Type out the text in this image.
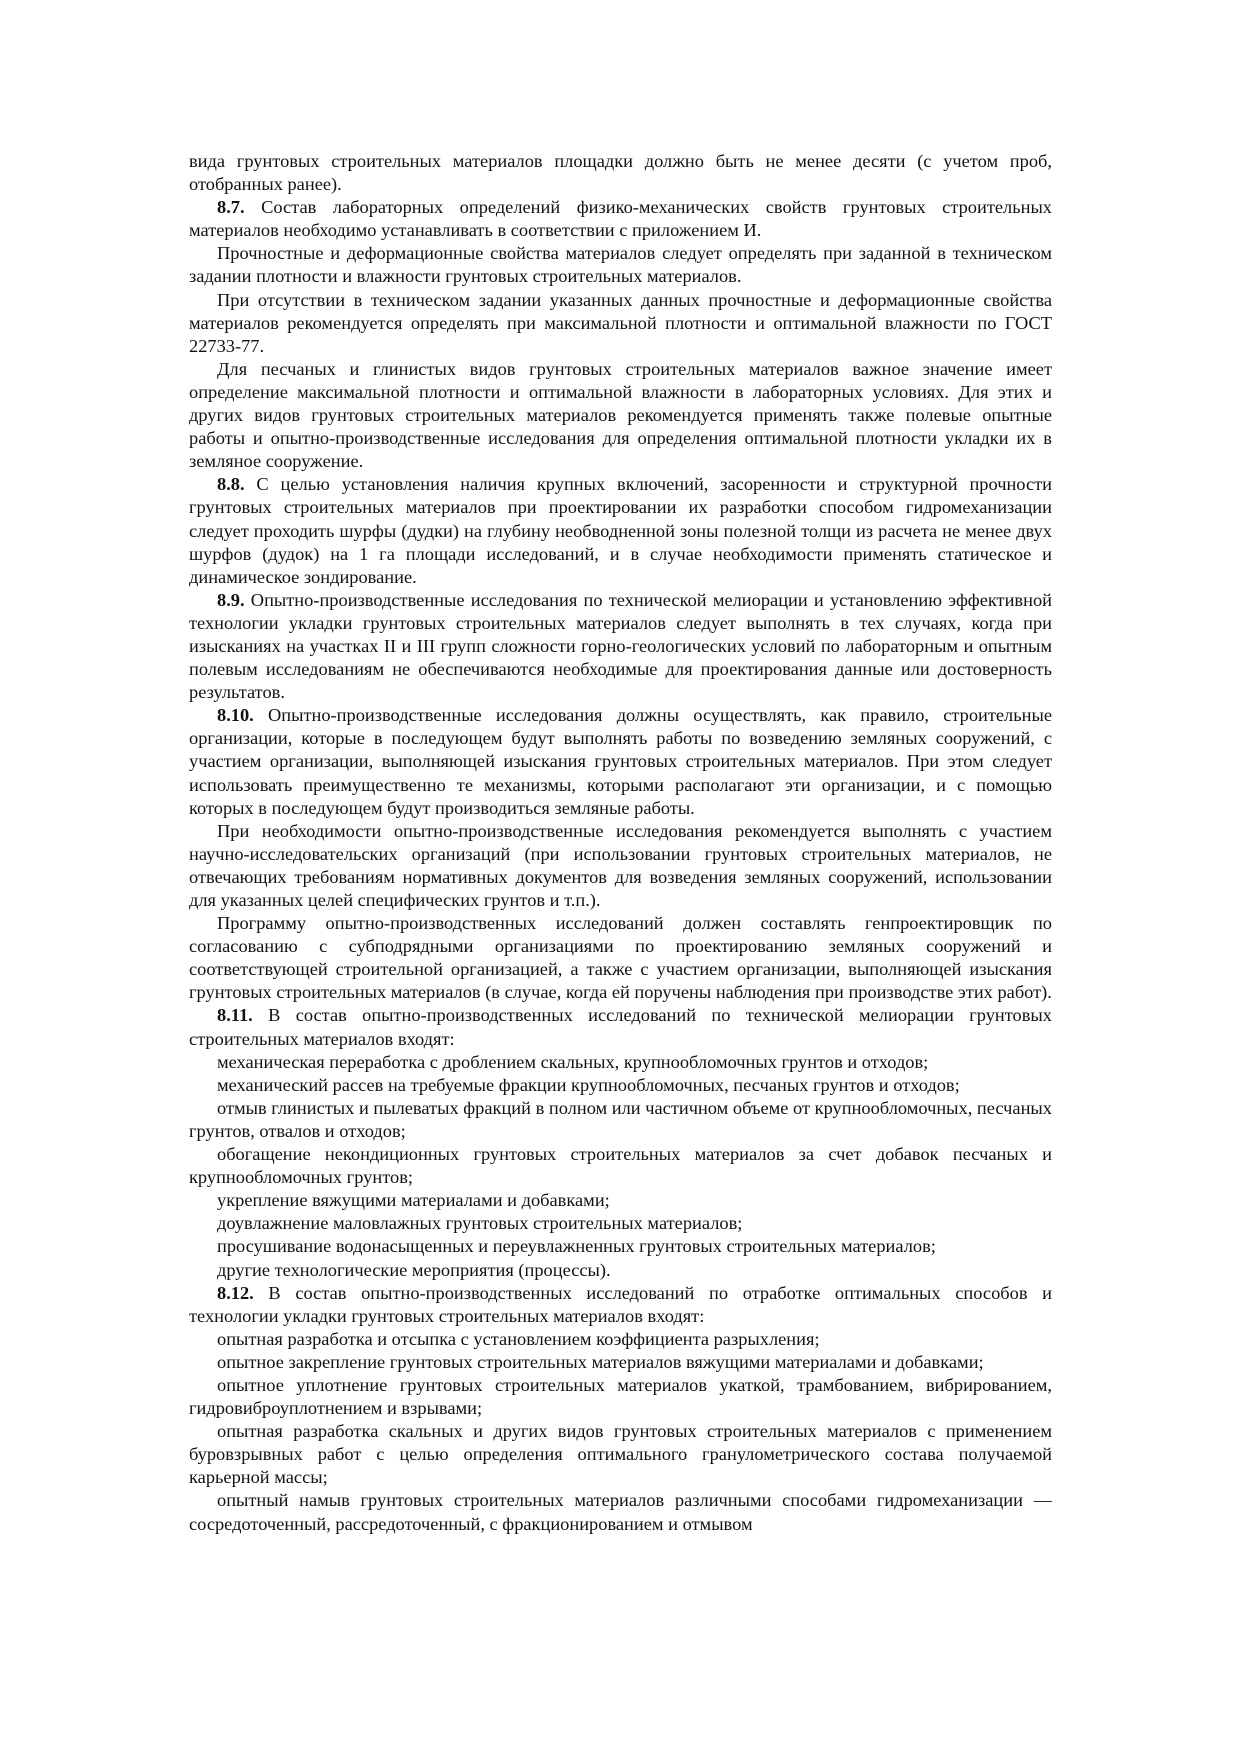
вида грунтовых строительных материалов площадки должно быть не менее десяти (с учетом проб, отобранных ранее).

8.7. Состав лабораторных определений физико-механических свойств грунтовых строительных материалов необходимо устанавливать в соответствии с приложением И.

Прочностные и деформационные свойства материалов следует определять при заданной в техническом задании плотности и влажности грунтовых строительных материалов.

При отсутствии в техническом задании указанных данных прочностные и деформационные свойства материалов рекомендуется определять при максимальной плотности и оптимальной влажности по ГОСТ 22733-77.

Для песчаных и глинистых видов грунтовых строительных материалов важное значение имеет определение максимальной плотности и оптимальной влажности в лабораторных условиях. Для этих и других видов грунтовых строительных материалов рекомендуется применять также полевые опытные работы и опытно-производственные исследования для определения оптимальной плотности укладки их в земляное сооружение.

8.8. С целью установления наличия крупных включений, засоренности и структурной прочности грунтовых строительных материалов при проектировании их разработки способом гидромеханизации следует проходить шурфы (дудки) на глубину необводненной зоны полезной толщи из расчета не менее двух шурфов (дудок) на 1 га площади исследований, и в случае необходимости применять статическое и динамическое зондирование.

8.9. Опытно-производственные исследования по технической мелиорации и установлению эффективной технологии укладки грунтовых строительных материалов следует выполнять в тех случаях, когда при изысканиях на участках II и III групп сложности горно-геологических условий по лабораторным и опытным полевым исследованиям не обеспечиваются необходимые для проектирования данные или достоверность результатов.

8.10. Опытно-производственные исследования должны осуществлять, как правило, строительные организации, которые в последующем будут выполнять работы по возведению земляных сооружений, с участием организации, выполняющей изыскания грунтовых строительных материалов. При этом следует использовать преимущественно те механизмы, которыми располагают эти организации, и с помощью которых в последующем будут производиться земляные работы.

При необходимости опытно-производственные исследования рекомендуется выполнять с участием научно-исследовательских организаций (при использовании грунтовых строительных материалов, не отвечающих требованиям нормативных документов для возведения земляных сооружений, использовании для указанных целей специфических грунтов и т.п.).

Программу опытно-производственных исследований должен составлять генпроектировщик по согласованию с субподрядными организациями по проектированию земляных сооружений и соответствующей строительной организацией, а также с участием организации, выполняющей изыскания грунтовых строительных материалов (в случае, когда ей поручены наблюдения при производстве этих работ).

8.11. В состав опытно-производственных исследований по технической мелиорации грунтовых строительных материалов входят:

механическая переработка с дроблением скальных, крупнообломочных грунтов и отходов;

механический рассев на требуемые фракции крупнообломочных, песчаных грунтов и отходов;

отмыв глинистых и пылеватых фракций в полном или частичном объеме от крупнообломочных, песчаных грунтов, отвалов и отходов;

обогащение некондиционных грунтовых строительных материалов за счет добавок песчаных и крупнообломочных грунтов;

укрепление вяжущими материалами и добавками;

доувлажнение маловлажных грунтовых строительных материалов;

просушивание водонасыщенных и переувлажненных грунтовых строительных материалов;

другие технологические мероприятия (процессы).

8.12. В состав опытно-производственных исследований по отработке оптимальных способов и технологии укладки грунтовых строительных материалов входят:

опытная разработка и отсыпка с установлением коэффициента разрыхления;

опытное закрепление грунтовых строительных материалов вяжущими материалами и добавками;

опытное уплотнение грунтовых строительных материалов укаткой, трамбованием, вибрированием, гидровиброуплотнением и взрывами;

опытная разработка скальных и других видов грунтовых строительных материалов с применением буровзрывных работ с целью определения оптимального гранулометрического состава получаемой карьерной массы;

опытный намыв грунтовых строительных материалов различными способами гидромеханизации — сосредоточенный, рассредоточенный, с фракционированием и отмывом
